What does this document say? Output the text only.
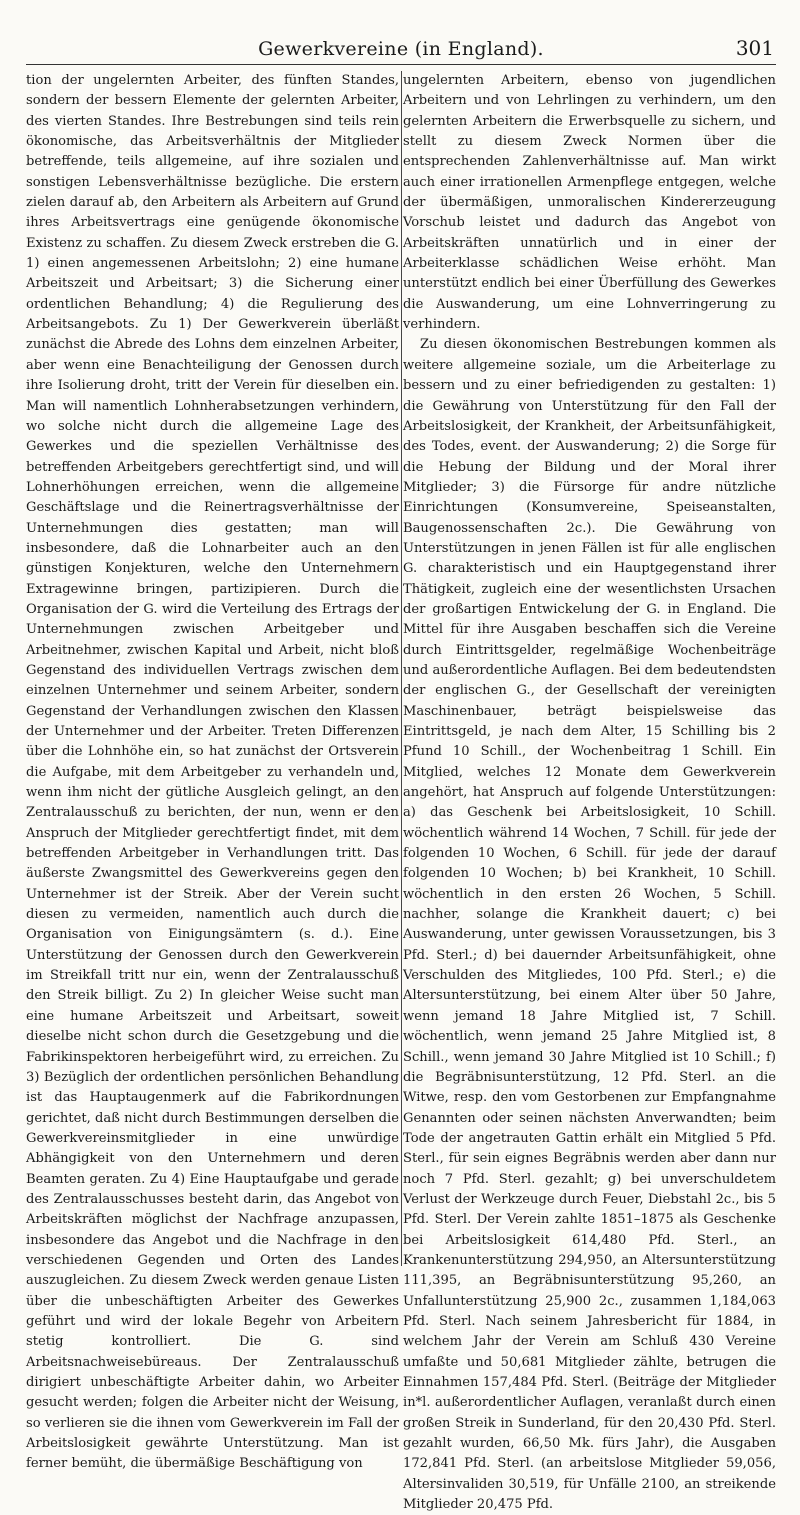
Gewerkvereine (in England).	301

tion der ungelernten Arbeiter, des fünften Standes, sondern der bessern Elemente der gelernten Arbeiter, des vierten Standes. Ihre Bestrebungen sind teils rein ökonomische, das Arbeitsverhältnis der Mitglieder betreffende, teils allgemeine, auf ihre sozialen und sonstigen Lebensverhältnisse bezügliche. Die erstern zielen darauf ab, den Arbeitern als Arbeitern auf Grund ihres Arbeitsvertrags eine genügende ökonomische Existenz zu schaffen. Zu diesem Zweck erstreben die G. 1) einen angemessenen Arbeitslohn; 2) eine humane Arbeitszeit und Arbeitsart; 3) die Sicherung einer ordentlichen Behandlung; 4) die Regulierung des Arbeitsangebots. Zu 1) Der Gewerkverein überläßt zunächst die Abrede des Lohns dem einzelnen Arbeiter, aber wenn eine Benachteiligung der Genossen durch ihre Isolierung droht, tritt der Verein für dieselben ein. Man will namentlich Lohnherabsetzungen verhindern, wo solche nicht durch die allgemeine Lage des Gewerkes und die speziellen Verhältnisse des betreffenden Arbeitgebers gerechtfertigt sind, und will Lohnerhöhungen erreichen, wenn die allgemeine Geschäftslage und die Reinertragsverhältnisse der Unternehmungen dies gestatten; man will insbesondere, daß die Lohnarbeiter auch an den günstigen Konjekturen, welche den Unternehmern Extragewinne bringen, partizipieren. Durch die Organisation der G. wird die Verteilung des Ertrags der Unternehmungen zwischen Arbeitgeber und Arbeitnehmer, zwischen Kapital und Arbeit, nicht bloß Gegenstand des individuellen Vertrags zwischen dem einzelnen Unternehmer und seinem Arbeiter, sondern Gegenstand der Verhandlungen zwischen den Klassen der Unternehmer und der Arbeiter. Treten Differenzen über die Lohnhöhe ein, so hat zunächst der Ortsverein die Aufgabe, mit dem Arbeitgeber zu verhandeln und, wenn ihm nicht der gütliche Ausgleich gelingt, an den Zentralausschuß zu berichten, der nun, wenn er den Anspruch der Mitglieder gerechtfertigt findet, mit dem betreffenden Arbeitgeber in Verhandlungen tritt. Das äußerste Zwangsmittel des Gewerkvereins gegen den Unternehmer ist der Streik. Aber der Verein sucht diesen zu vermeiden, namentlich auch durch die Organisation von Einigungsämtern (s. d.). Eine Unterstützung der Genossen durch den Gewerkverein im Streikfall tritt nur ein, wenn der Zentralausschuß den Streik billigt. Zu 2) In gleicher Weise sucht man eine humane Arbeitszeit und Arbeitsart, soweit dieselbe nicht schon durch die Gesetzgebung und die Fabrikinspektoren herbeigeführt wird, zu erreichen. Zu 3) Bezüglich der ordentlichen persönlichen Behandlung ist das Hauptaugenmerk auf die Fabrikordnungen gerichtet, daß nicht durch Bestimmungen derselben die Gewerkvereinsmitglieder in eine unwürdige Abhängigkeit von den Unternehmern und deren Beamten geraten. Zu 4) Eine Hauptaufgabe und gerade des Zentralausschusses besteht darin, das Angebot von Arbeitskräften möglichst der Nachfrage anzupassen, insbesondere das Angebot und die Nachfrage in den verschiedenen Gegenden und Orten des Landes auszugleichen. Zu diesem Zweck werden genaue Listen über die unbeschäftigten Arbeiter des Gewerkes geführt und wird der lokale Begehr von Arbeitern stetig kontrolliert. Die G. sind Arbeitsnachweisebüreaus. Der Zentralausschuß dirigiert unbeschäftigte Arbeiter dahin, wo Arbeiter gesucht werden; folgen die Arbeiter nicht der Weisung, so verlieren sie die ihnen vom Gewerkverein im Fall der Arbeitslosigkeit gewährte Unterstützung. Man ist ferner bemüht, die übermäßige Beschäftigung von

ungelernten Arbeitern, ebenso von jugendlichen Arbeitern und von Lehrlingen zu verhindern, um den gelernten Arbeitern die Erwerbsquelle zu sichern, und stellt zu diesem Zweck Normen über die entsprechenden Zahlenverhältnisse auf. Man wirkt auch einer irrationellen Armenpflege entgegen, welche der übermäßigen, unmoralischen Kindererzeugung Vorschub leistet und dadurch das Angebot von Arbeitskräften unnatürlich und in einer der Arbeiterklasse schädlichen Weise erhöht. Man unterstützt endlich bei einer Überfüllung des Gewerkes die Auswanderung, um eine Lohnverringerung zu verhindern.

Zu diesen ökonomischen Bestrebungen kommen als weitere allgemeine soziale, um die Arbeiterlage zu bessern und zu einer befriedigenden zu gestalten: 1) die Gewährung von Unterstützung für den Fall der Arbeitslosigkeit, der Krankheit, der Arbeitsunfähigkeit, des Todes, event. der Auswanderung; 2) die Sorge für die Hebung der Bildung und der Moral ihrer Mitglieder; 3) die Fürsorge für andre nützliche Einrichtungen (Konsumvereine, Speiseanstalten, Baugenossenschaften 2c.). Die Gewährung von Unterstützungen in jenen Fällen ist für alle englischen G. charakteristisch und ein Hauptgegenstand ihrer Thätigkeit, zugleich eine der wesentlichsten Ursachen der großartigen Entwickelung der G. in England. Die Mittel für ihre Ausgaben beschaffen sich die Vereine durch Eintrittsgelder, regelmäßige Wochenbeiträge und außerordentliche Auflagen. Bei dem bedeutendsten der englischen G., der Gesellschaft der vereinigten Maschinenbauer, beträgt beispielsweise das Eintrittsgeld, je nach dem Alter, 15 Schilling bis 2 Pfund 10 Schill., der Wochenbeitrag 1 Schill. Ein Mitglied, welches 12 Monate dem Gewerkverein angehört, hat Anspruch auf folgende Unterstützungen: a) das Geschenk bei Arbeitslosigkeit, 10 Schill. wöchentlich während 14 Wochen, 7 Schill. für jede der folgenden 10 Wochen, 6 Schill. für jede der darauf folgenden 10 Wochen; b) bei Krankheit, 10 Schill. wöchentlich in den ersten 26 Wochen, 5 Schill. nachher, solange die Krankheit dauert; c) bei Auswanderung, unter gewissen Voraussetzungen, bis 3 Pfd. Sterl.; d) bei dauernder Arbeitsunfähigkeit, ohne Verschulden des Mitgliedes, 100 Pfd. Sterl.; e) die Altersunterstützung, bei einem Alter über 50 Jahre, wenn jemand 18 Jahre Mitglied ist, 7 Schill. wöchentlich, wenn jemand 25 Jahre Mitglied ist, 8 Schill., wenn jemand 30 Jahre Mitglied ist 10 Schill.; f) die Begräbnisunterstützung, 12 Pfd. Sterl. an die Witwe, resp. den vom Gestorbenen zur Empfangnahme Genannten oder seinen nächsten Anverwandten; beim Tode der angetrauten Gattin erhält ein Mitglied 5 Pfd. Sterl., für sein eignes Begräbnis werden aber dann nur noch 7 Pfd. Sterl. gezahlt; g) bei unverschuldetem Verlust der Werkzeuge durch Feuer, Diebstahl 2c., bis 5 Pfd. Sterl. Der Verein zahlte 1851–1875 als Geschenke bei Arbeitslosigkeit 614,480 Pfd. Sterl., an Krankenunterstützung 294,950, an Altersunterstützung 111,395, an Begräbnisunterstützung 95,260, an Unfallunterstützung 25,900 2c., zusammen 1,184,063 Pfd. Sterl. Nach seinem Jahresbericht für 1884, in welchem Jahr der Verein am Schluß 430 Vereine umfaßte und 50,681 Mitglieder zählte, betrugen die Einnahmen 157,484 Pfd. Sterl. (Beiträge der Mitglieder in*l. außerordentlicher Auflagen, veranlaßt durch einen großen Streik in Sunderland, für den 20,430 Pfd. Sterl. gezahlt wurden, 66,50 Mk. fürs Jahr), die Ausgaben 172,841 Pfd. Sterl. (an arbeitslose Mitglieder 59,056, Altersinvaliden 30,519, für Unfälle 2100, an streikende Mitglieder 20,475 Pfd.
